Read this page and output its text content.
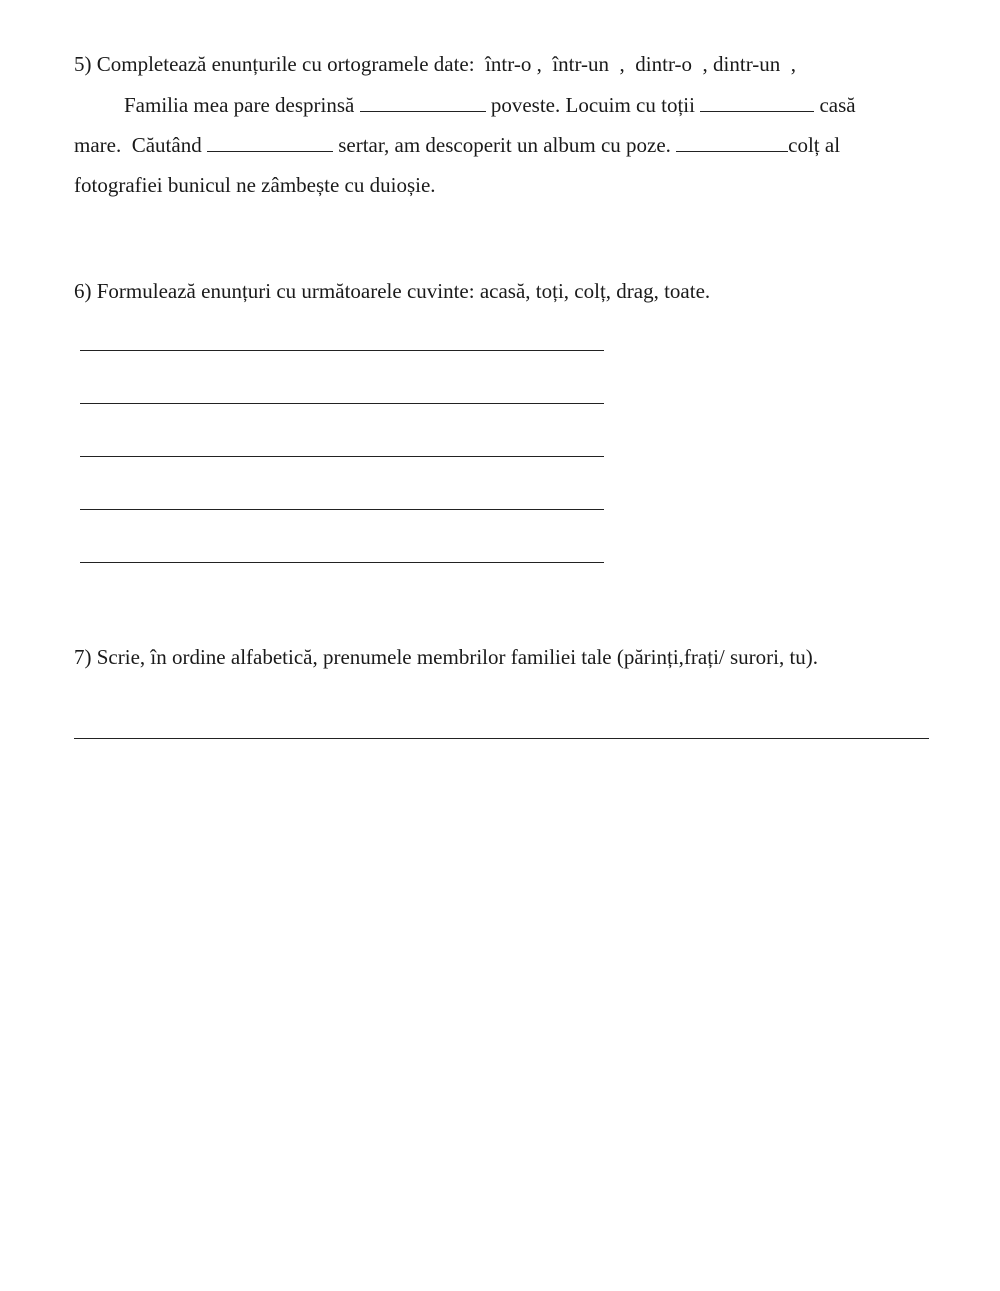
5) Completează enunțurile cu ortogramele date:  într-o ,  într-un  ,  dintr-o  , dintr-un  ,
Familia mea pare desprinsă	poveste. Locuim cu toții	casă
mare.  Căutând	sertar, am descoperit un album cu poze.	colț al
fotografiei bunicul ne zâmbește cu duioșie.
6) Formulează enunțuri cu următoarele cuvinte: acasă, toți, colț, drag, toate.
7) Scrie, în ordine alfabetică, prenumele membrilor familiei tale (părinți,frați/ surori, tu).
